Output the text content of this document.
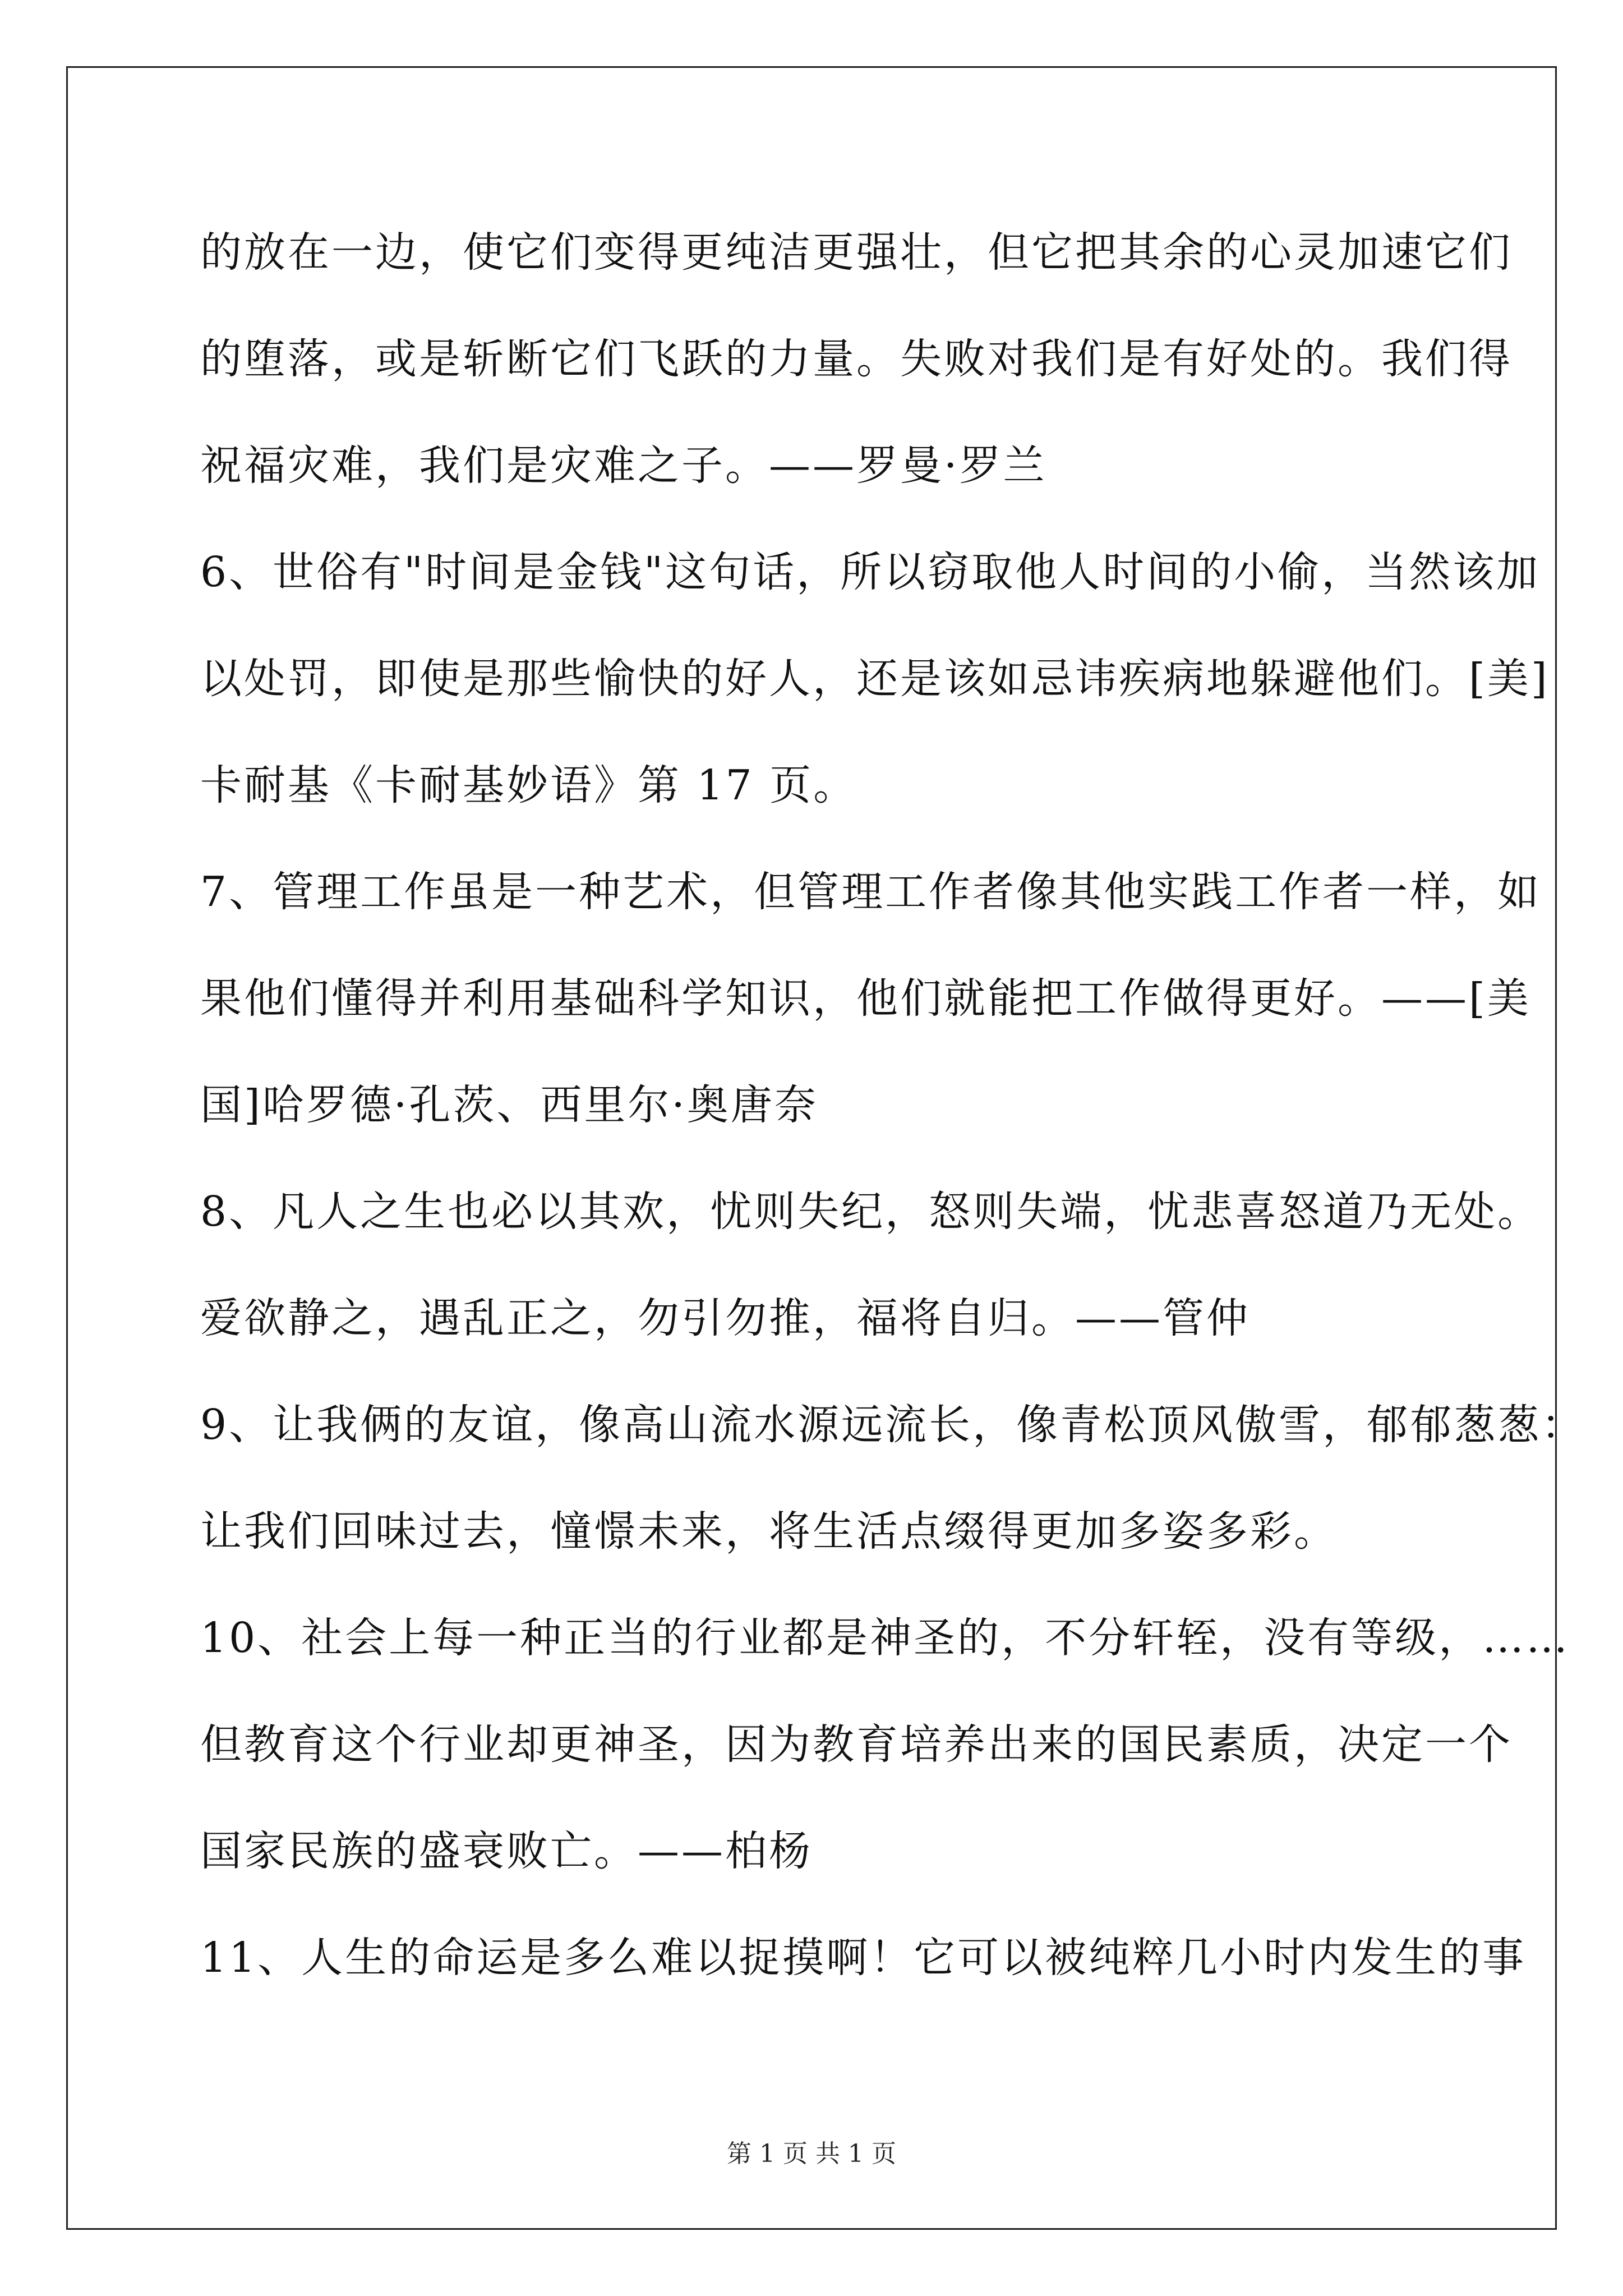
的放在一边，使它们变得更纯洁更强壮，但它把其余的心灵加速它们
的堕落，或是斩断它们飞跃的力量。失败对我们是有好处的。我们得
祝福灾难，我们是灾难之子。——罗曼·罗兰
6、世俗有"时间是金钱"这句话，所以窃取他人时间的小偷，当然该加
以处罚，即使是那些愉快的好人，还是该如忌讳疾病地躲避他们。[美]
卡耐基《卡耐基妙语》第 17 页。
7、管理工作虽是一种艺术，但管理工作者像其他实践工作者一样，如
果他们懂得并利用基础科学知识，他们就能把工作做得更好。——[美
国]哈罗德·孔茨、西里尔·奥唐奈
8、凡人之生也必以其欢，忧则失纪，怒则失端，忧悲喜怒道乃无处。
爱欲静之，遇乱正之，勿引勿推，福将自归。——管仲
9、让我俩的友谊，像高山流水源远流长，像青松顶风傲雪，郁郁葱葱：
让我们回味过去，憧憬未来，将生活点缀得更加多姿多彩。
10、社会上每一种正当的行业都是神圣的，不分轩轾，没有等级，……
但教育这个行业却更神圣，因为教育培养出来的国民素质，决定一个
国家民族的盛衰败亡。——柏杨
11、人生的命运是多么难以捉摸啊！它可以被纯粹几小时内发生的事
第 1 页 共 1 页
